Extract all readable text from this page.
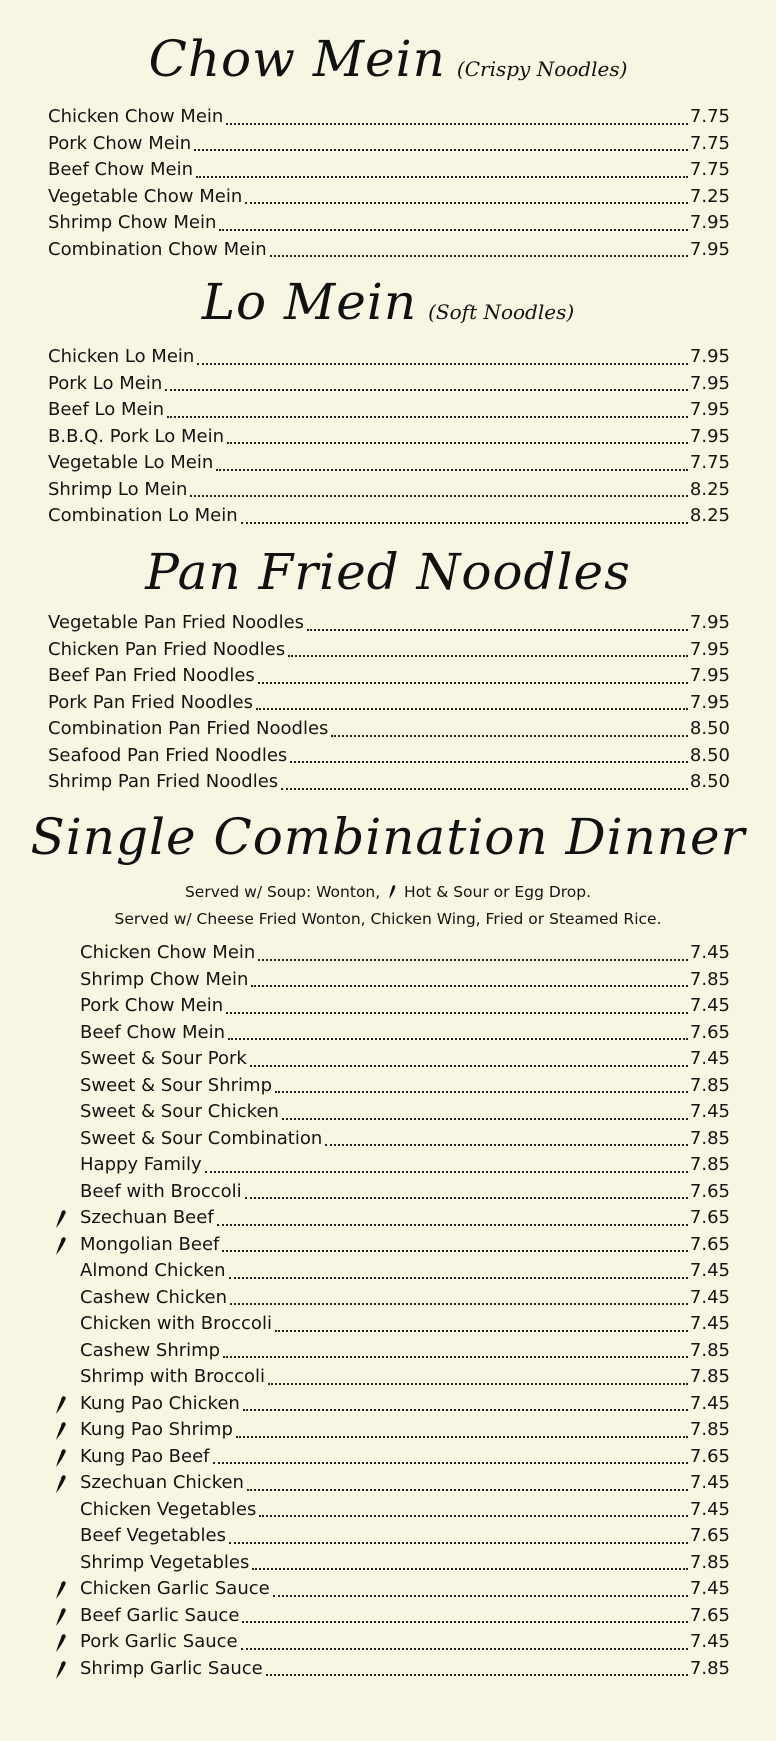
Chow Mein (Crispy Noodles)
Chicken Chow Mein	7.75
Pork Chow Mein	7.75
Beef Chow Mein	7.75
Vegetable Chow Mein	7.25
Shrimp Chow Mein	7.95
Combination Chow Mein	7.95
Lo Mein (Soft Noodles)
Chicken Lo Mein	7.95
Pork Lo Mein	7.95
Beef Lo Mein	7.95
B.B.Q. Pork Lo Mein	7.95
Vegetable Lo Mein	7.75
Shrimp Lo Mein	8.25
Combination Lo Mein	8.25
Pan Fried Noodles
Vegetable Pan Fried Noodles	7.95
Chicken Pan Fried Noodles	7.95
Beef Pan Fried Noodles	7.95
Pork Pan Fried Noodles	7.95
Combination Pan Fried Noodles	8.50
Seafood Pan Fried Noodles	8.50
Shrimp Pan Fried Noodles	8.50
Single Combination Dinner
Served w/ Soup: Wonton, Hot & Sour or Egg Drop.
Served w/ Cheese Fried Wonton, Chicken Wing, Fried or Steamed Rice.
Chicken Chow Mein	7.45
Shrimp Chow Mein	7.85
Pork Chow Mein	7.45
Beef Chow Mein	7.65
Sweet & Sour Pork	7.45
Sweet & Sour Shrimp	7.85
Sweet & Sour Chicken	7.45
Sweet & Sour Combination	7.85
Happy Family	7.85
Beef with Broccoli	7.65
Szechuan Beef	7.65
Mongolian Beef	7.65
Almond Chicken	7.45
Cashew Chicken	7.45
Chicken with Broccoli	7.45
Cashew Shrimp	7.85
Shrimp with Broccoli	7.85
Kung Pao Chicken	7.45
Kung Pao Shrimp	7.85
Kung Pao Beef	7.65
Szechuan Chicken	7.45
Chicken Vegetables	7.45
Beef Vegetables	7.65
Shrimp Vegetables	7.85
Chicken Garlic Sauce	7.45
Beef Garlic Sauce	7.65
Pork Garlic Sauce	7.45
Shrimp Garlic Sauce	7.85
